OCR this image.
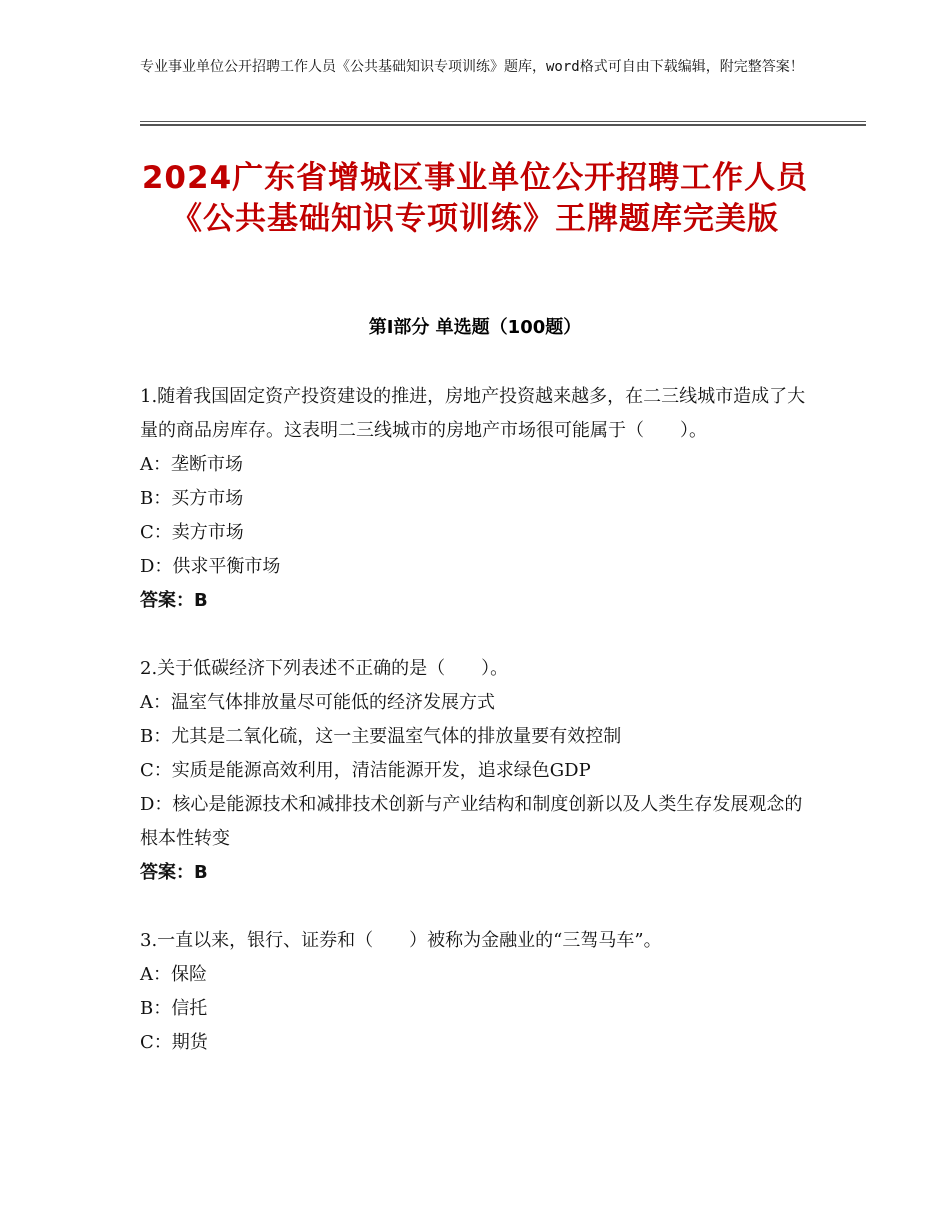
专业事业单位公开招聘工作人员《公共基础知识专项训练》题库，word格式可自由下载编辑，附完整答案！
2024广东省增城区事业单位公开招聘工作人员《公共基础知识专项训练》王牌题库完美版
第Ⅰ部分 单选题（100题）

1.随着我国固定资产投资建设的推进，房地产投资越来越多，在二三线城市造成了大量的商品房库存。这表明二三线城市的房地产市场很可能属于（　　）。

A：垄断市场

B：买方市场

C：卖方市场

D：供求平衡市场

答案：B

2.关于低碳经济下列表述不正确的是（　　）。

A：温室气体排放量尽可能低的经济发展方式

B：尤其是二氧化硫，这一主要温室气体的排放量要有效控制

C：实质是能源高效利用，清洁能源开发，追求绿色GDP

D：核心是能源技术和减排技术创新与产业结构和制度创新以及人类生存发展观念的根本性转变

答案：B

3.一直以来，银行、证券和（　　）被称为金融业的“三驾马车”。

A：保险

B：信托

C：期货
